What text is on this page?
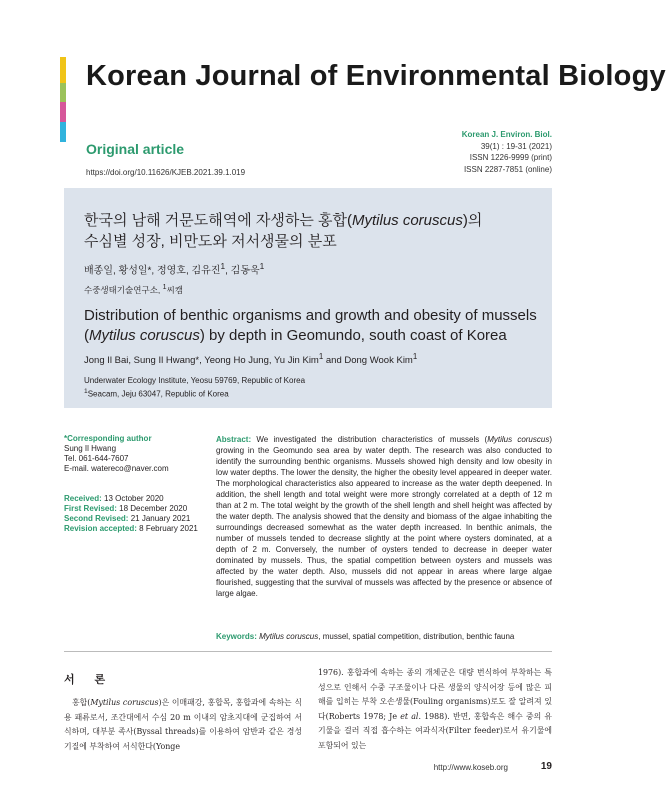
Korean Journal of Environmental Biology
Original article
https://doi.org/10.11626/KJEB.2021.39.1.019
Korean J. Environ. Biol.
39(1) : 19-31 (2021)
ISSN 1226-9999 (print)
ISSN 2287-7851 (online)
한국의 남해 거문도해역에 자생하는 홍합(Mytilus coruscus)의
수심별 성장, 비만도와 저서생물의 분포
배종일, 황성일*, 정영호, 김유진$^1$, 김동욱$^1$
수중생태기술연구소, $^1$씨캠
Distribution of benthic organisms and growth and obesity of mussels (Mytilus coruscus) by depth in Geomundo, south coast of Korea
Jong Il Bai, Sung Il Hwang*, Yeong Ho Jung, Yu Jin Kim$^1$ and Dong Wook Kim$^1$
Underwater Ecology Institute, Yeosu 59769, Republic of Korea
$^1$Seacam, Jeju 63047, Republic of Korea
*Corresponding author
Sung Il Hwang
Tel. 061-644-7607
E-mail. watereco@naver.com
Received: 13 October 2020
First Revised: 18 December 2020
Second Revised: 21 January 2021
Revision accepted: 8 February 2021
Abstract: We investigated the distribution characteristics of mussels (Mytilus coruscus) growing in the Geomundo sea area by water depth. The research was also conducted to identify the surrounding benthic organisms. Mussels showed high density and low obesity in low water depths. The lower the density, the higher the obesity level appeared in deeper water. The morphological characteristics also appeared to increase as the water depth deepened. In addition, the shell length and total weight were more strongly correlated at a depth of 12 m than at 2 m. The total weight by the growth of the shell length and shell height was affected by the water depth. The analysis showed that the density and biomass of the algae inhabiting the surroundings decreased somewhat as the water depth increased. In benthic animals, the number of mussels tended to decrease slightly at the point where oysters dominated, at a depth of 2 m. Conversely, the number of oysters tended to decrease in deeper water dominated by mussels. Thus, the spatial competition between oysters and mussels was affected by the water depth. Also, mussels did not appear in areas where large algae flourished, suggesting that the survival of mussels was affected by the presence or absence of large algae.
Keywords: Mytilus coruscus, mussel, spatial competition, distribution, benthic fauna
서 론
홍합(Mytilus coruscus)은 이매패강, 홍합목, 홍합과에 속하는 식용 패류로서, 조간대에서 수심 20 m 이내의 암초지대에 군집하여 서식하며, 대부분 족사(Byssal threads)를 이용하여 암반과 같은 경성기질에 부착하여 서식한다(Yonge
1976). 홍합과에 속하는 종의 개체군은 대량 번식하여 부착하는 특성으로 인해서 수중 구조물이나 다른 생물의 양식어장 등에 많은 피해를 입히는 부착 오손생물(Fouling organisms)로도 잘 알려져 있다(Roberts 1978; Je et al. 1988). 반면, 홍합속은 해수 중의 유기물을 걸러 직접 흡수하는 여과식자(Filter feeder)로서 유기물에 포함되어 있는
http://www.koseb.org	19
